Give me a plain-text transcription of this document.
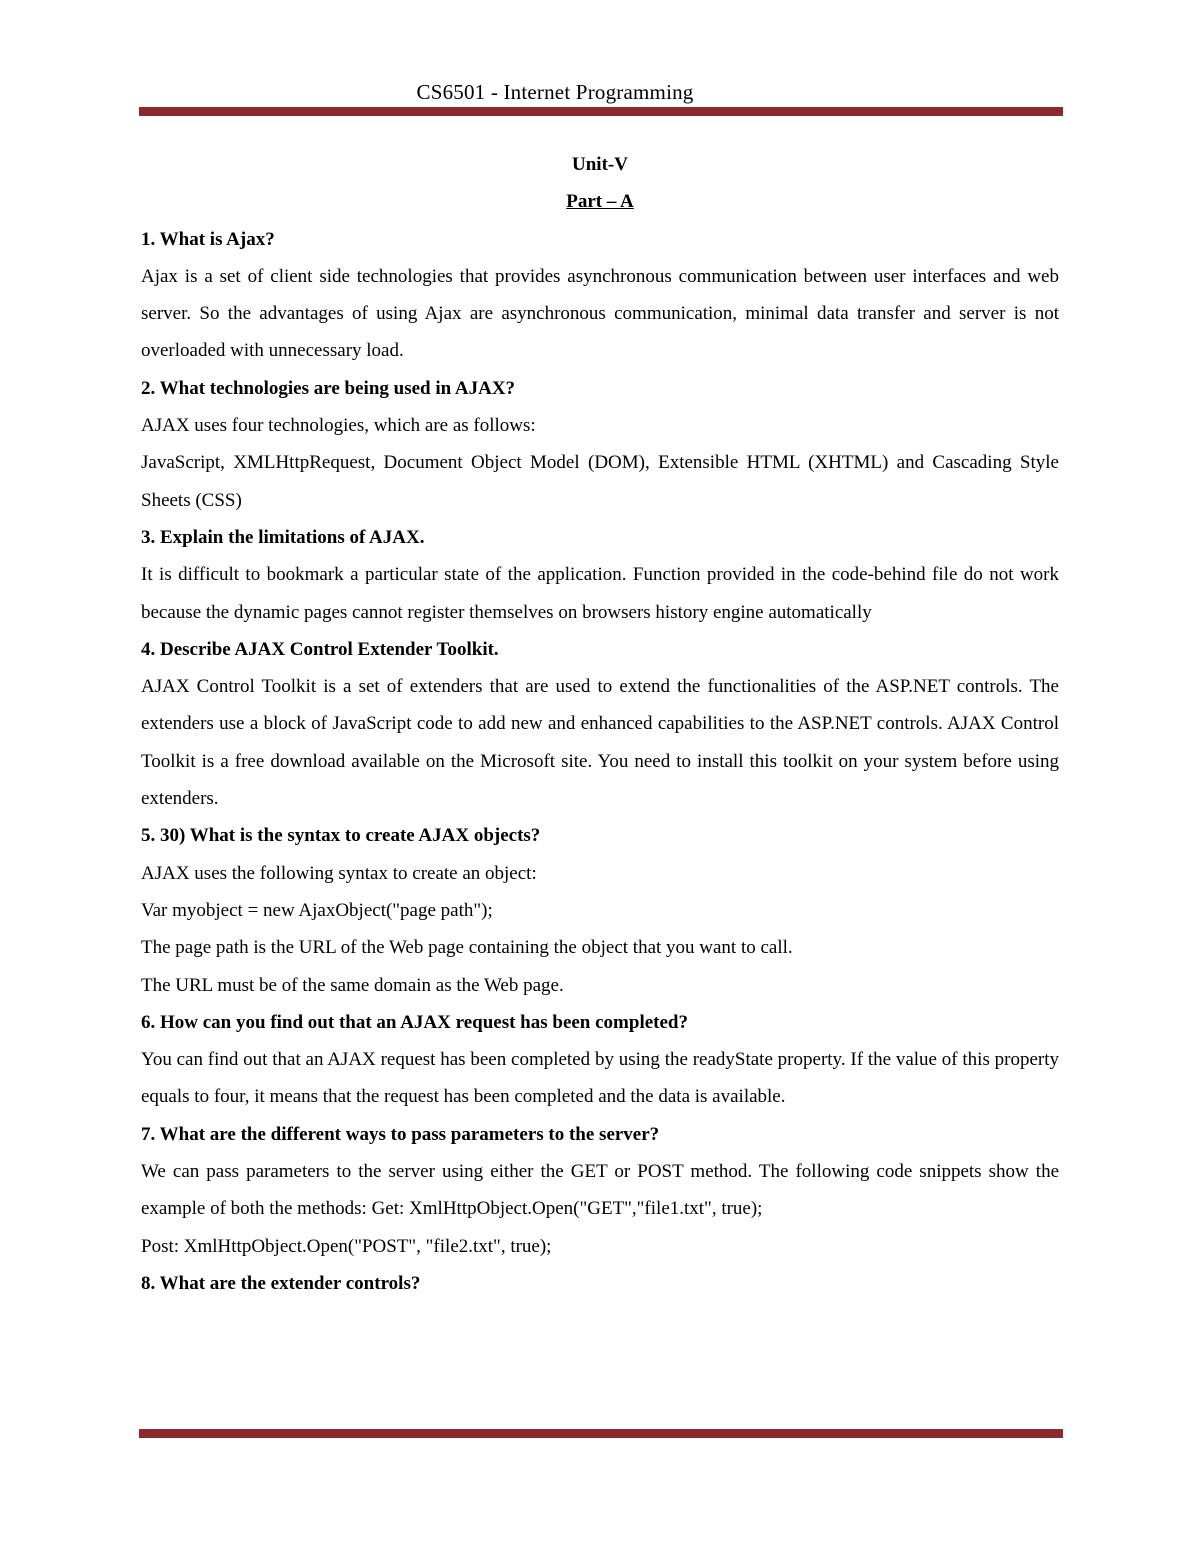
CS6501 - Internet Programming

Unit-V

Part – A

1. What is Ajax?

Ajax is a set of client side technologies that provides asynchronous communication between user interfaces and web server. So the advantages of using Ajax are asynchronous communication, minimal data transfer and server is not overloaded with unnecessary load.

2. What technologies are being used in AJAX?

AJAX uses four technologies, which are as follows:

JavaScript, XMLHttpRequest, Document Object Model (DOM), Extensible HTML (XHTML) and Cascading Style Sheets (CSS)

3. Explain the limitations of AJAX.

It is difficult to bookmark a particular state of the application. Function provided in the code-behind file do not work because the dynamic pages cannot register themselves on browsers history engine automatically

4. Describe AJAX Control Extender Toolkit.

AJAX Control Toolkit is a set of extenders that are used to extend the functionalities of the ASP.NET controls. The extenders use a block of JavaScript code to add new and enhanced capabilities to the ASP.NET controls. AJAX Control Toolkit is a free download available on the Microsoft site. You need to install this toolkit on your system before using extenders.

5. 30) What is the syntax to create AJAX objects?

AJAX uses the following syntax to create an object:

Var myobject = new AjaxObject("page path");

The page path is the URL of the Web page containing the object that you want to call.

The URL must be of the same domain as the Web page.

6. How can you find out that an AJAX request has been completed?

You can find out that an AJAX request has been completed by using the readyState property. If the value of this property equals to four, it means that the request has been completed and the data is available.

7. What are the different ways to pass parameters to the server?

We can pass parameters to the server using either the GET or POST method. The following code snippets show the example of both the methods: Get: XmlHttpObject.Open("GET","file1.txt", true);

Post: XmlHttpObject.Open("POST", "file2.txt", true);

8. What are the extender controls?
